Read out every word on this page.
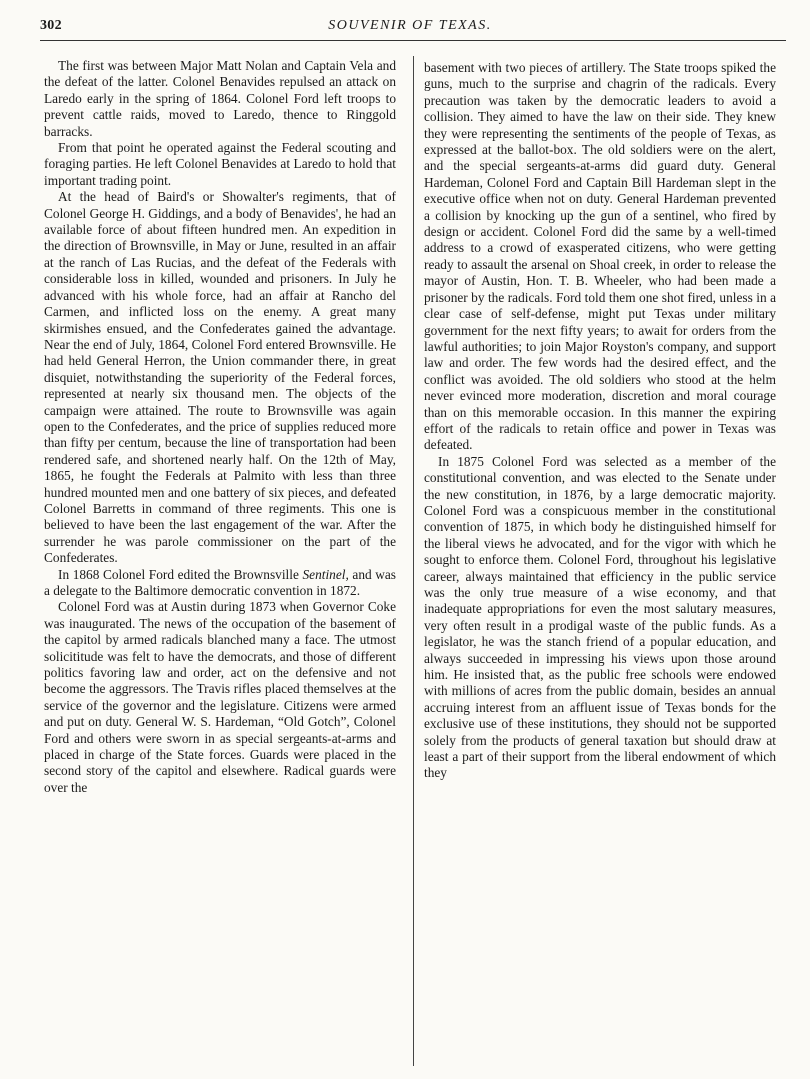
302	SOUVENIR OF TEXAS.

The first was between Major Matt Nolan and Captain Vela and the defeat of the latter. Colonel Benavides repulsed an attack on Laredo early in the spring of 1864. Colonel Ford left troops to prevent cattle raids, moved to Laredo, thence to Ringgold barracks.

From that point he operated against the Federal scouting and foraging parties. He left Colonel Benavides at Laredo to hold that important trading point.

At the head of Baird's or Showalter's regiments, that of Colonel George H. Giddings, and a body of Benavides', he had an available force of about fifteen hundred men. An expedition in the direction of Brownsville, in May or June, resulted in an affair at the ranch of Las Rucias, and the defeat of the Federals with considerable loss in killed, wounded and prisoners. In July he advanced with his whole force, had an affair at Rancho del Carmen, and inflicted loss on the enemy. A great many skirmishes ensued, and the Confederates gained the advantage. Near the end of July, 1864, Colonel Ford entered Brownsville. He had held General Herron, the Union commander there, in great disquiet, notwithstanding the superiority of the Federal forces, represented at nearly six thousand men. The objects of the campaign were attained. The route to Brownsville was again open to the Confederates, and the price of supplies reduced more than fifty per centum, because the line of transportation had been rendered safe, and shortened nearly half. On the 12th of May, 1865, he fought the Federals at Palmito with less than three hundred mounted men and one battery of six pieces, and defeated Colonel Barretts in command of three regiments. This one is believed to have been the last engagement of the war. After the surrender he was parole commissioner on the part of the Confederates.

In 1868 Colonel Ford edited the Brownsville Sentinel, and was a delegate to the Baltimore democratic convention in 1872.

Colonel Ford was at Austin during 1873 when Governor Coke was inaugurated. The news of the occupation of the basement of the capitol by armed radicals blanched many a face. The utmost solicititude was felt to have the democrats, and those of different politics favoring law and order, act on the defensive and not become the aggressors. The Travis rifles placed themselves at the service of the governor and the legislature. Citizens were armed and put on duty. General W. S. Hardeman, “Old Gotch”, Colonel Ford and others were sworn in as special sergeants-at-arms and placed in charge of the State forces. Guards were placed in the second story of the capitol and elsewhere. Radical guards were over the

basement with two pieces of artillery. The State troops spiked the guns, much to the surprise and chagrin of the radicals. Every precaution was taken by the democratic leaders to avoid a collision. They aimed to have the law on their side. They knew they were representing the sentiments of the people of Texas, as expressed at the ballot-box. The old soldiers were on the alert, and the special sergeants-at-arms did guard duty. General Hardeman, Colonel Ford and Captain Bill Hardeman slept in the executive office when not on duty. General Hardeman prevented a collision by knocking up the gun of a sentinel, who fired by design or accident. Colonel Ford did the same by a well-timed address to a crowd of exasperated citizens, who were getting ready to assault the arsenal on Shoal creek, in order to release the mayor of Austin, Hon. T. B. Wheeler, who had been made a prisoner by the radicals. Ford told them one shot fired, unless in a clear case of self-defense, might put Texas under military government for the next fifty years; to await for orders from the lawful authorities; to join Major Royston's company, and support law and order. The few words had the desired effect, and the conflict was avoided. The old soldiers who stood at the helm never evinced more moderation, discretion and moral courage than on this memorable occasion. In this manner the expiring effort of the radicals to retain office and power in Texas was defeated.

In 1875 Colonel Ford was selected as a member of the constitutional convention, and was elected to the Senate under the new constitution, in 1876, by a large democratic majority. Colonel Ford was a conspicuous member in the constitutional convention of 1875, in which body he distinguished himself for the liberal views he advocated, and for the vigor with which he sought to enforce them. Colonel Ford, throughout his legislative career, always maintained that efficiency in the public service was the only true measure of a wise economy, and that inadequate appropriations for even the most salutary measures, very often result in a prodigal waste of the public funds. As a legislator, he was the stanch friend of a popular education, and always succeeded in impressing his views upon those around him. He insisted that, as the public free schools were endowed with millions of acres from the public domain, besides an annual accruing interest from an affluent issue of Texas bonds for the exclusive use of these institutions, they should not be supported solely from the products of general taxation but should draw at least a part of their support from the liberal endowment of which they
